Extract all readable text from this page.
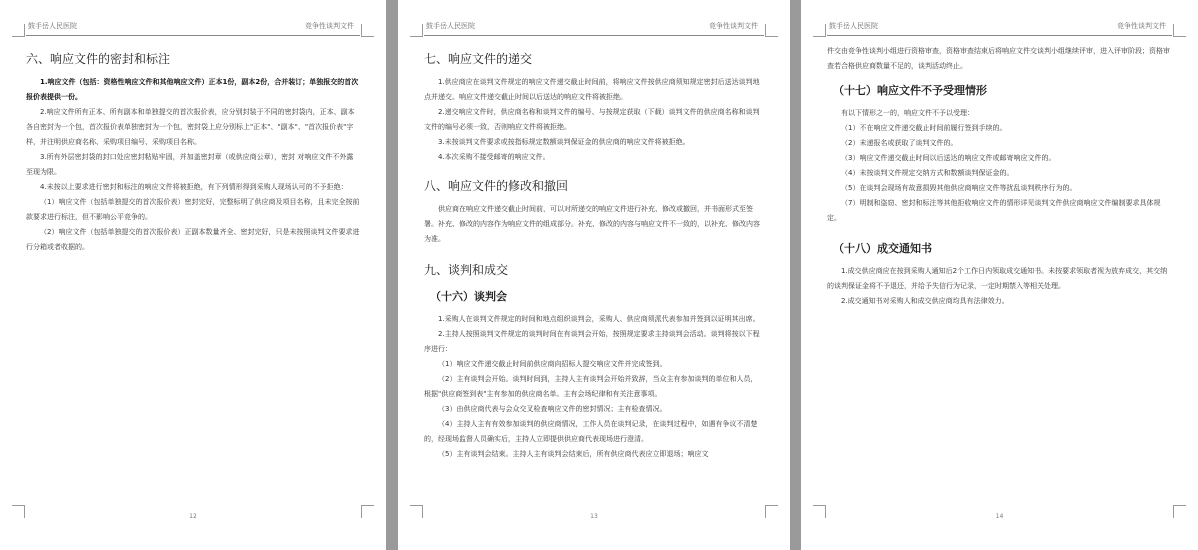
鼓手岳人民医院	竞争性谈判文件
六、响应文件的密封和标注

1.响应文件（包括：资格性响应文件和其他响应文件）正本1份，副本2份，合并装订；单独报交的首次报价表提供一份。

2.响应文件所有正本、所有副本和单独提交的首次报价表，应分别封装于不同的密封袋内，正本、副本各自密封为一个包，首次报价表单独密封为一个包，密封袋上应分别标上"正本"、"副本"、"首次报价表"字样，并注明供应商名称、采购项目编号、采购项目名称。

3.所有外层密封袋的封口处应密封粘贴牢固，并加盖密封章（或供应商公章），密封 对响应文件不外露至现为限。

4.未按以上要求进行密封和标注的响应文件将被拒绝，有下列情形得到采购人现场认可的不予拒绝：

（1）响应文件（包括单独提交的首次报价表）密封完好，完整标明了供应商及项目名称，且未完全按前款要求进行标注，但不影响公平竞争的。

（2）响应文件（包括单独提交的首次报价表）正副本数量齐全、密封完好，只是未按照谈判文件要求进行分箱或者收据的。

12
鼓手岳人民医院	竞争性谈判文件
七、响应文件的递交

1.供应商应在谈判文件规定的响应文件递交截止时间前，将响应文件按供应商须知规定密封后送达谈判地点并递交。响应文件递交截止时间以后送达的响应文件将被拒绝。

2.递交响应文件时，供应商名称和谈判文件的编号、与按规定获取（下载）谈判文件的供应商名称和谈判文件的编号必须一致，否则响应文件将被拒绝。

3.未按谈判文件要求或按指标规定数额谈判保证金的供应商的响应文件将被拒绝。

4.本次采购不接受邮寄的响应文件。

八、响应文件的修改和撤回

供应商在响应文件递交截止时间前，可以对所递交的响应文件进行补充、修改或撤回，并书面形式至签署。补充、修改的内容作为响应文件的组成部分。补充、修改的内容与响应文件不一致的，以补充、修改内容为准。

九、谈判和成交
（十六）谈判会

1.采购人在谈判文件规定的时间和地点组织谈判会，采购人、供应商须派代表参加并签到以证明其出席。

2.主持人按照谈判文件规定的谈判时间在有谈判会开始，按照规定要求主持谈判会活动。谈判将按以下程序进行：

（1）响应文件递交截止时间前供应商向招标人提交响应文件并完成签到。

（2）主有谈判会开始。谈判时间到，主持人主有谈判会开始并致辞，当众主有参加谈判的单位和人员，根据"供应商签到表"主有参加的供应商名单。主有会场纪律和有关注意事项。

（3）由供应商代表与会众交叉检查响应文件的密封情况；主有检查情况。

（4）主持人主有有效参加谈判的供应商情况，工作人员在谈判记录，在谈判过程中，如遇有争议不清楚的，经现场监督人员确实后，主持人立即提供供应商代表现场进行澄清。

（5）主有谈判会结束。主持人主有谈判会结束后，所有供应商代表应立即退场；响应文

13
鼓手岳人民医院	竞争性谈判文件

件交由竞争性谈判小组进行资格审查，资格审查结束后将响应文件交谈判小组继续评审，进入评审阶段；资格审查若合格供应商数量不足的，谈判活动终止。

（十七）响应文件不予受理情形

有以下情形之一的，响应文件不予以受理：

（1）不在响应文件递交截止时间前履行签到手续的。

（2）未递报名或获取了谈判文件的。

（3）响应文件递交截止时间以后送达的响应文件或邮寄响应文件的。

（4）未按谈判文件规定交纳方式和数额谈判保证金的。

（5）在谈判会现场有故意损毁其他供应商响应文件等扰乱谈判秩序行为的。

（7）明制和盗窃、密封和标注等其他拒收响应文件的情形详见谈判文件供应商响应文件编制要求具体规定。

（十八）成交通知书

1.成交供应商应在按到采购人通知后2个工作日内领取成交通知书。未按要求领取者视为放弃成交，其交纳的谈判保证金将不予退还，并给予失信行为记录，一定时期禁入等相关处理。

2.成交通知书对采购人和成交供应商均具有法律效力。

14
